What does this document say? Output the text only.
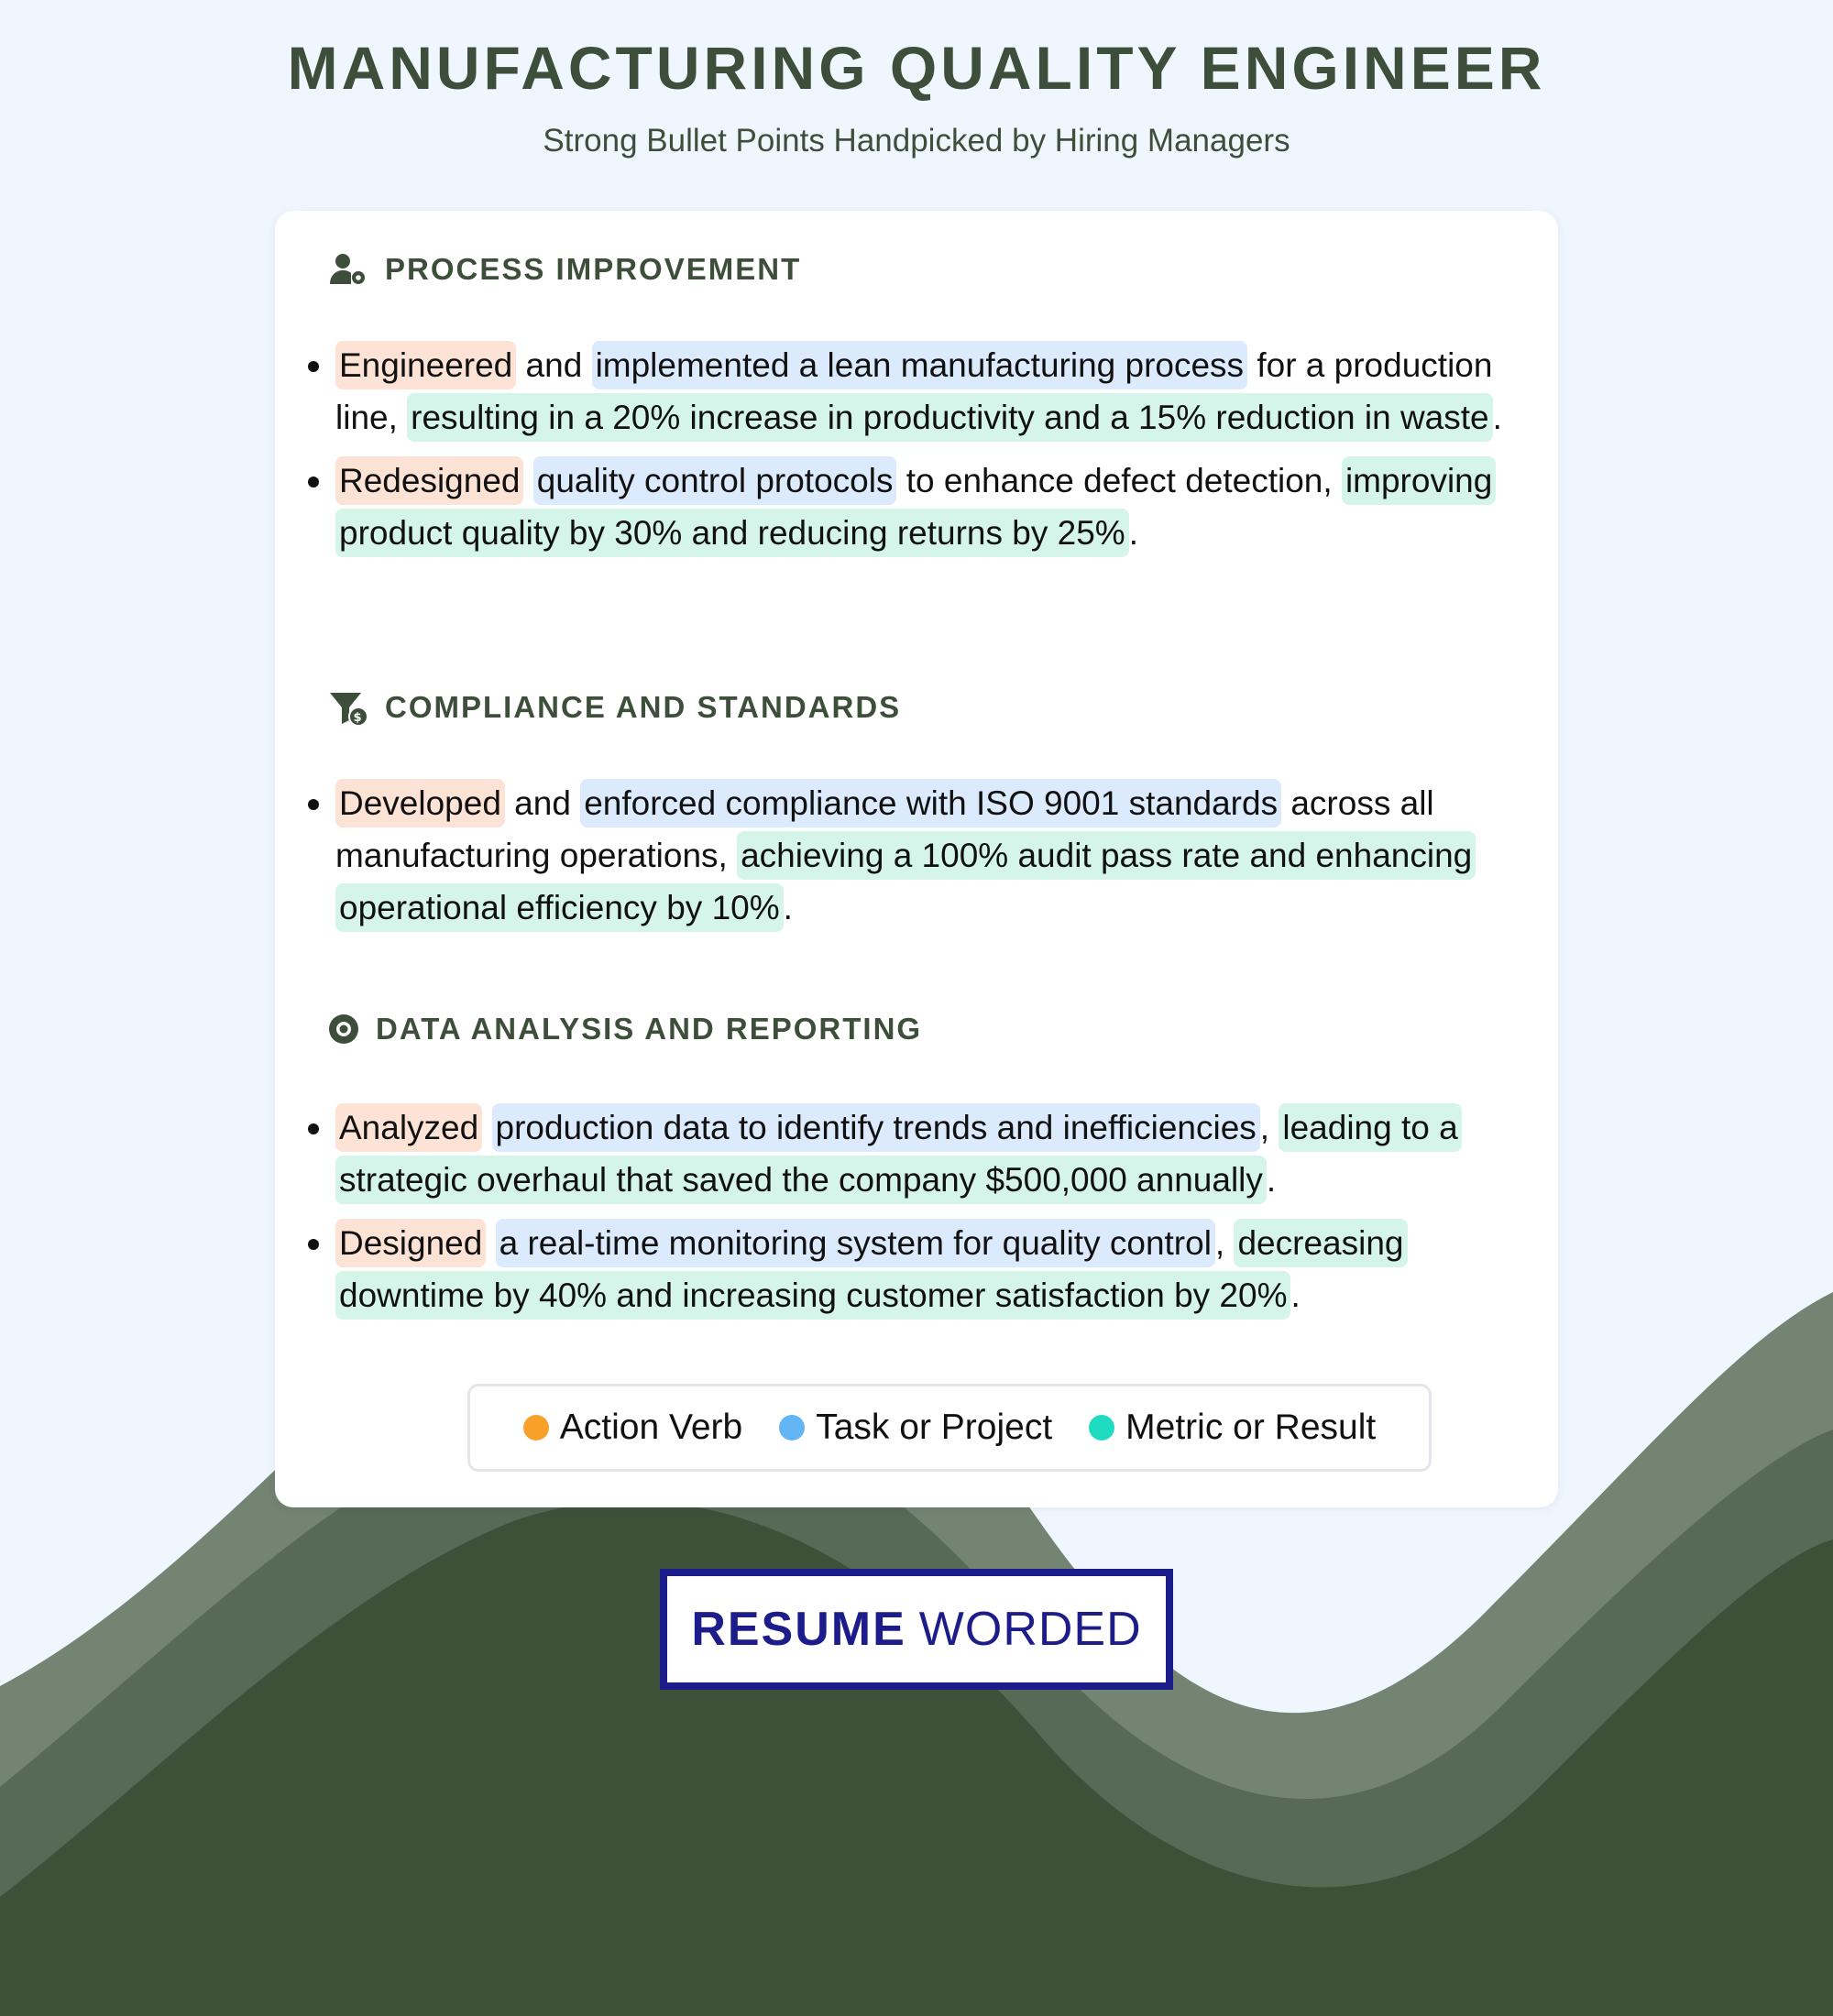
MANUFACTURING QUALITY ENGINEER
Strong Bullet Points Handpicked by Hiring Managers
PROCESS IMPROVEMENT
Engineered and implemented a lean manufacturing process for a production line, resulting in a 20% increase in productivity and a 15% reduction in waste .
Redesigned quality control protocols to enhance defect detection, improving product quality by 30% and reducing returns by 25% .
$ COMPLIANCE AND STANDARDS
Developed and enforced compliance with ISO 9001 standards across all manufacturing operations, achieving a 100% audit pass rate and enhancing operational efficiency by 10% .
DATA ANALYSIS AND REPORTING
Analyzed production data to identify trends and inefficiencies , leading to a strategic overhaul that saved the company $500,000 annually .
Designed a real-time monitoring system for quality control , decreasing downtime by 40% and increasing customer satisfaction by 20% .
Action Verb Task or Project Metric or Result
RESUME WORDED
